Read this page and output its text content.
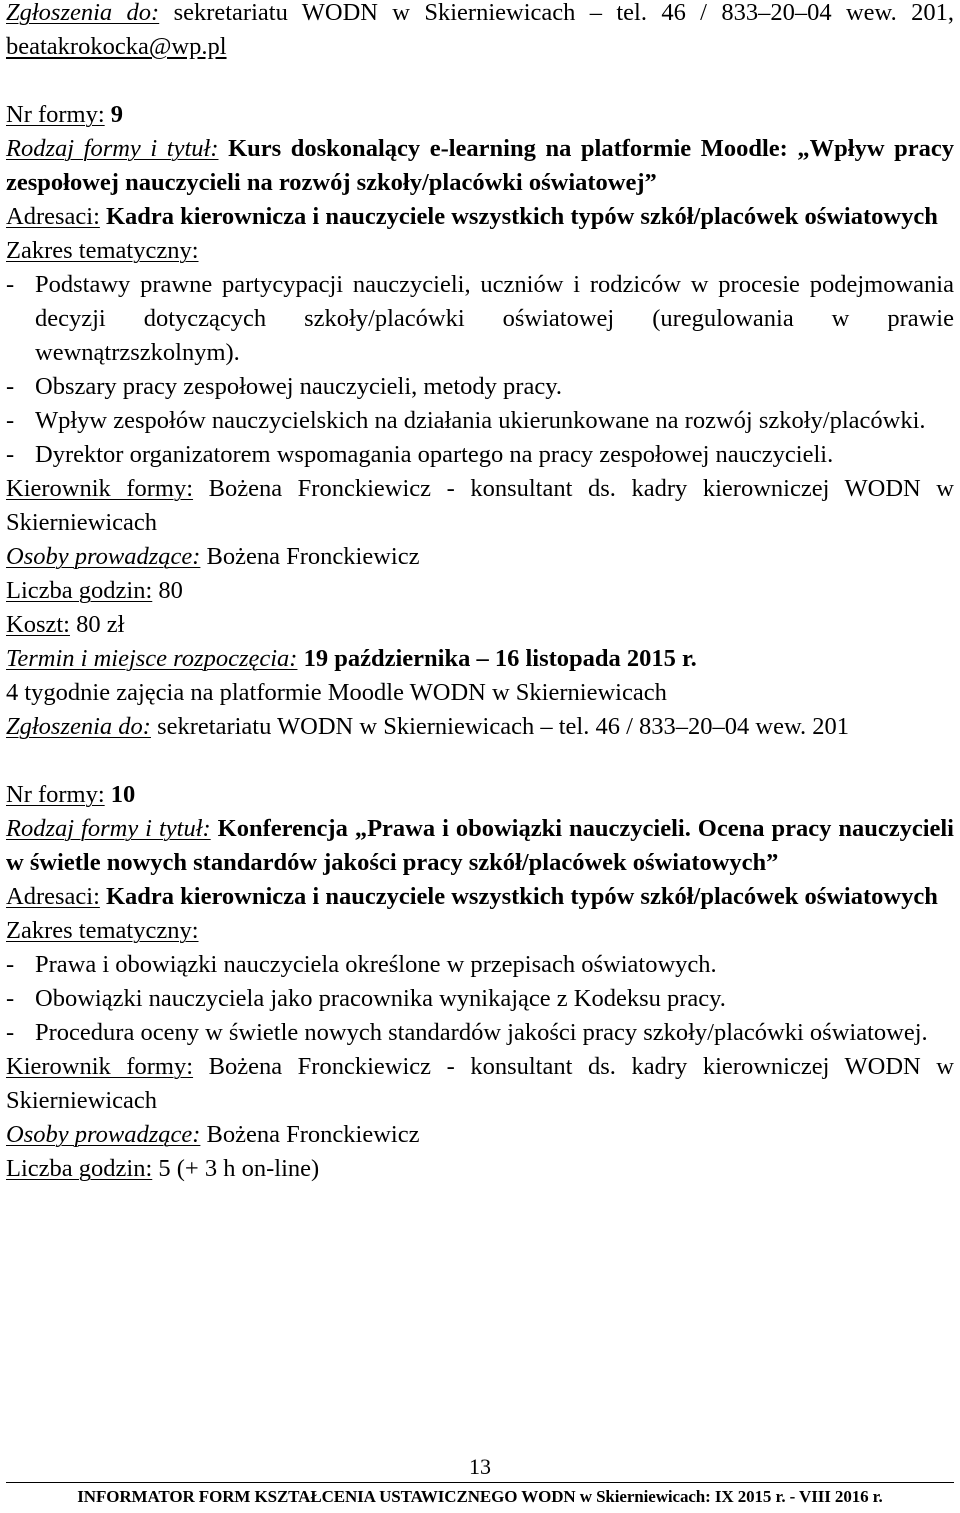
Zgłoszenia do: sekretariatu WODN w Skierniewicach – tel. 46 / 833–20–04 wew. 201, beatakrokocka@wp.pl

Nr formy: 9

Rodzaj formy i tytuł: Kurs doskonalący e-learning na platformie Moodle: „Wpływ pracy zespołowej nauczycieli na rozwój szkoły/placówki oświatowej”

Adresaci: Kadra kierownicza i nauczyciele wszystkich typów szkół/placówek oświatowych

Zakres tematyczny:

- Podstawy prawne partycypacji nauczycieli, uczniów i rodziców w procesie podejmowania decyzji dotyczących szkoły/placówki oświatowej (uregulowania w prawie wewnątrzszkolnym).
- Obszary pracy zespołowej nauczycieli, metody pracy.
- Wpływ zespołów nauczycielskich na działania ukierunkowane na rozwój szkoły/placówki.
- Dyrektor organizatorem wspomagania opartego na pracy zespołowej nauczycieli.

Kierownik formy: Bożena Fronckiewicz - konsultant ds. kadry kierowniczej WODN w Skierniewicach

Osoby prowadzące: Bożena Fronckiewicz

Liczba godzin: 80

Koszt: 80 zł

Termin i miejsce rozpoczęcia: 19 października – 16 listopada 2015 r.

4 tygodnie zajęcia na platformie Moodle WODN w Skierniewicach

Zgłoszenia do: sekretariatu WODN w Skierniewicach – tel. 46 / 833–20–04 wew. 201

Nr formy: 10

Rodzaj formy i tytuł: Konferencja „Prawa i obowiązki nauczycieli. Ocena pracy nauczycieli w świetle nowych standardów jakości pracy szkół/placówek oświatowych”

Adresaci: Kadra kierownicza i nauczyciele wszystkich typów szkół/placówek oświatowych

Zakres tematyczny:

- Prawa i obowiązki nauczyciela określone w przepisach oświatowych.
- Obowiązki nauczyciela jako pracownika wynikające z Kodeksu pracy.
- Procedura oceny w świetle nowych standardów jakości pracy szkoły/placówki oświatowej.

Kierownik formy: Bożena Fronckiewicz - konsultant ds. kadry kierowniczej WODN w Skierniewicach

Osoby prowadzące: Bożena Fronckiewicz

Liczba godzin: 5 (+ 3 h on-line)

13

INFORMATOR FORM KSZTAŁCENIA USTAWICZNEGO WODN w Skierniewicach: IX 2015 r. - VIII 2016 r.
